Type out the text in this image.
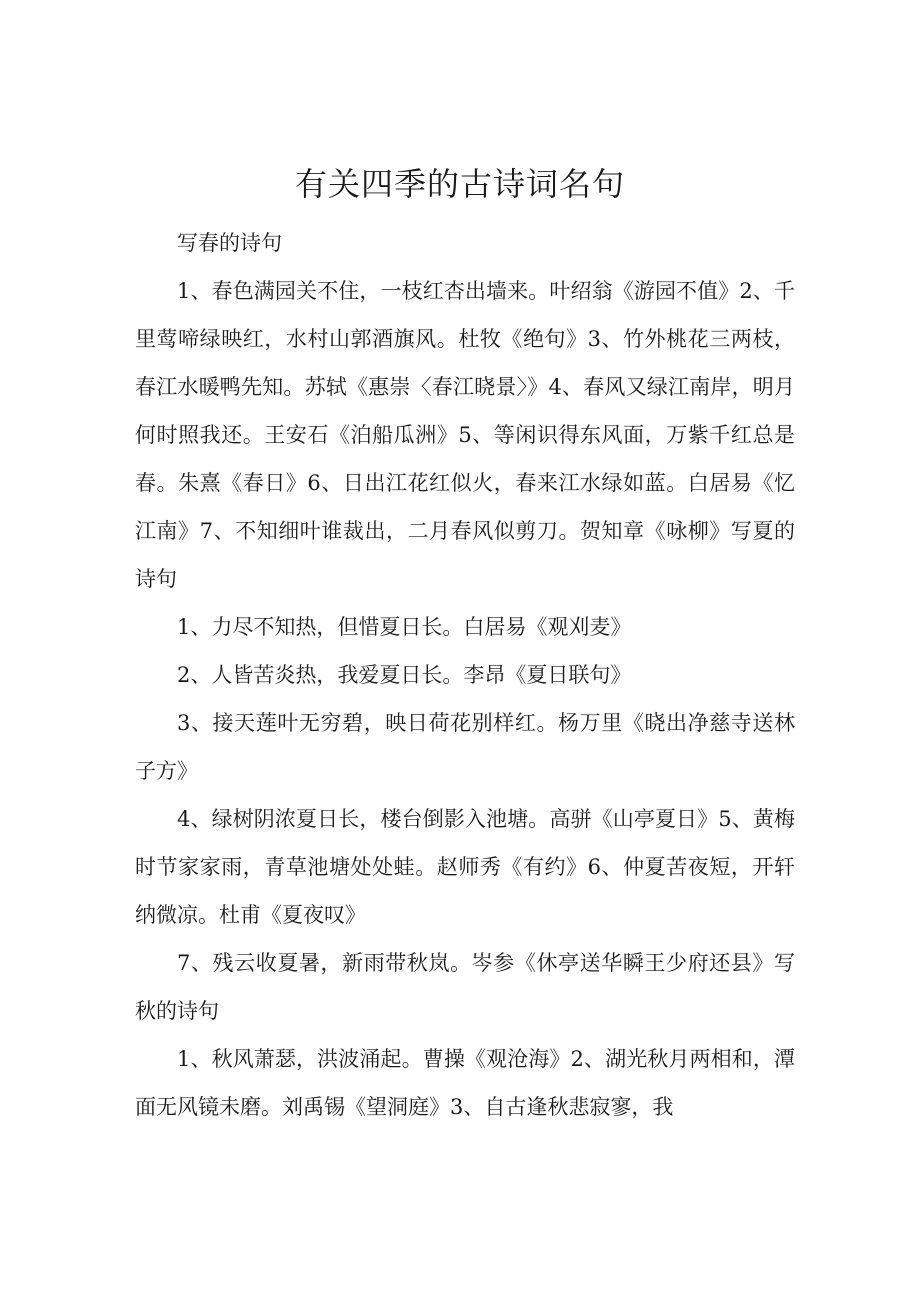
有关四季的古诗词名句

写春的诗句

1、春色满园关不住，一枝红杏出墙来。叶绍翁《游园不值》2、千里莺啼绿映红，水村山郭酒旗风。杜牧《绝句》3、竹外桃花三两枝，春江水暖鸭先知。苏轼《惠崇〈春江晓景〉》4、春风又绿江南岸，明月何时照我还。王安石《泊船瓜洲》5、等闲识得东风面，万紫千红总是春。朱熹《春日》6、日出江花红似火，春来江水绿如蓝。白居易《忆江南》7、不知细叶谁裁出，二月春风似剪刀。贺知章《咏柳》写夏的诗句

1、力尽不知热，但惜夏日长。白居易《观刈麦》

2、人皆苦炎热，我爱夏日长。李昂《夏日联句》

3、接天莲叶无穷碧，映日荷花别样红。杨万里《晓出净慈寺送林子方》

4、绿树阴浓夏日长，楼台倒影入池塘。高骈《山亭夏日》5、黄梅时节家家雨，青草池塘处处蛙。赵师秀《有约》6、仲夏苦夜短，开轩纳微凉。杜甫《夏夜叹》

7、残云收夏暑，新雨带秋岚。岑参《休亭送华瞬王少府还县》写秋的诗句

1、秋风萧瑟，洪波涌起。曹操《观沧海》2、湖光秋月两相和，潭面无风镜未磨。刘禹锡《望洞庭》3、自古逢秋悲寂寥，我
